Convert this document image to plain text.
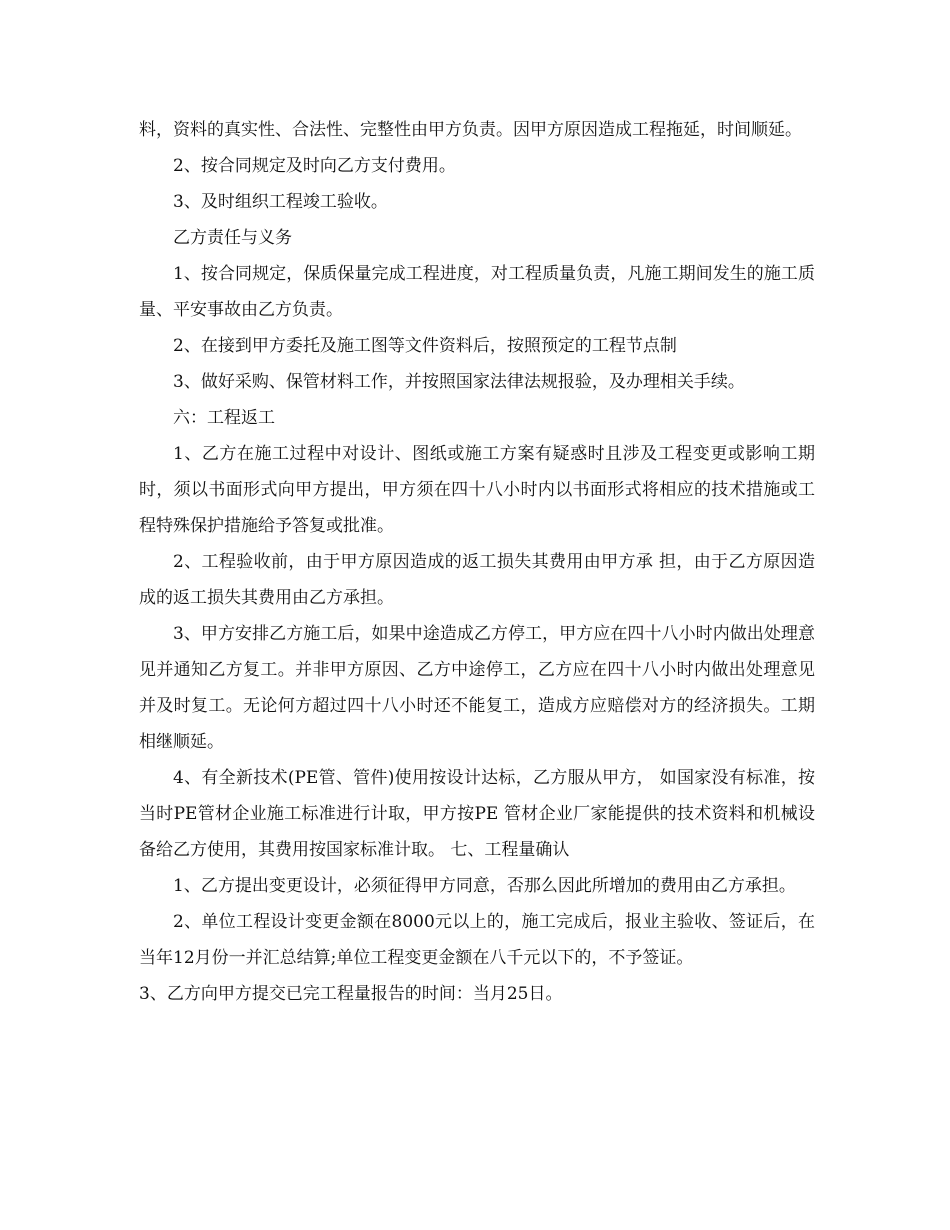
料，资料的真实性、合法性、完整性由甲方负责。因甲方原因造成工程拖延，时间顺延。

2、按合同规定及时向乙方支付费用。

3、及时组织工程竣工验收。

乙方责任与义务

1、按合同规定，保质保量完成工程进度，对工程质量负责，凡施工期间发生的施工质量、平安事故由乙方负责。

2、在接到甲方委托及施工图等文件资料后，按照预定的工程节点制

3、做好采购、保管材料工作，并按照国家法律法规报验，及办理相关手续。

六：工程返工

1、乙方在施工过程中对设计、图纸或施工方案有疑惑时且涉及工程变更或影响工期时，须以书面形式向甲方提出，甲方须在四十八小时内以书面形式将相应的技术措施或工程特殊保护措施给予答复或批准。

2、工程验收前，由于甲方原因造成的返工损失其费用由甲方承 担，由于乙方原因造成的返工损失其费用由乙方承担。

3、甲方安排乙方施工后，如果中途造成乙方停工，甲方应在四十八小时内做出处理意见并通知乙方复工。并非甲方原因、乙方中途停工，乙方应在四十八小时内做出处理意见并及时复工。无论何方超过四十八小时还不能复工，造成方应赔偿对方的经济损失。工期相继顺延。

4、有全新技术(PE管、管件)使用按设计达标，乙方服从甲方， 如国家没有标准，按当时PE管材企业施工标准进行计取，甲方按PE 管材企业厂家能提供的技术资料和机械设备给乙方使用，其费用按国家标准计取。 七、工程量确认

1、乙方提出变更设计，必须征得甲方同意，否那么因此所增加的费用由乙方承担。

2、单位工程设计变更金额在8000元以上的，施工完成后，报业主验收、签证后，在当年12月份一并汇总结算;单位工程变更金额在八千元以下的，不予签证。

3、乙方向甲方提交已完工程量报告的时间：当月25日。
